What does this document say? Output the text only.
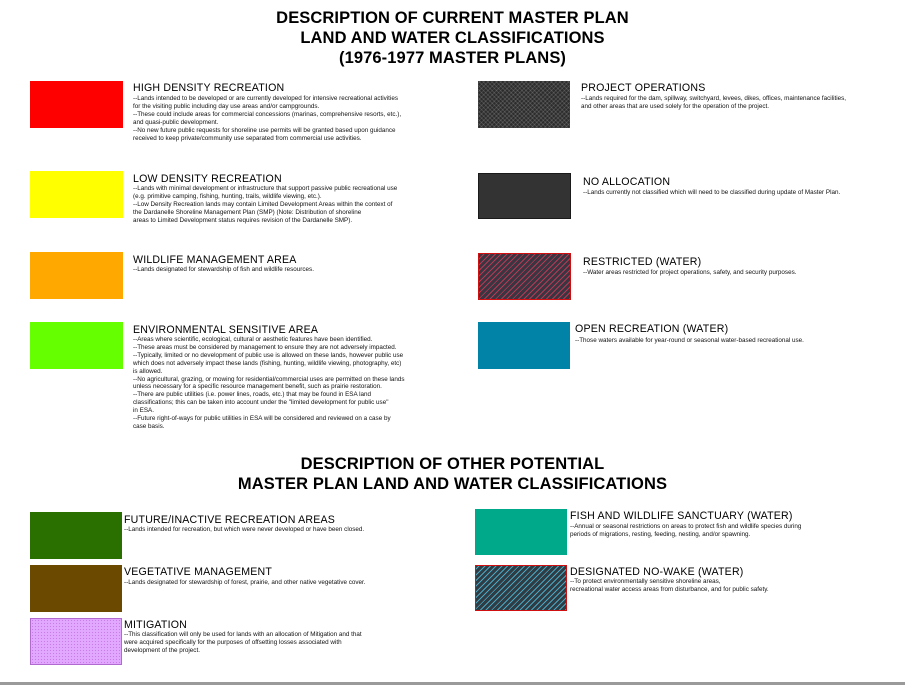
DESCRIPTION OF CURRENT MASTER PLAN
LAND AND WATER CLASSIFICATIONS
(1976-1977 MASTER PLANS)
DESCRIPTION OF OTHER POTENTIAL
MASTER PLAN LAND AND WATER CLASSIFICATIONS
HIGH DENSITY RECREATION
--Lands intended to be developed or are currently developed for intensive recreational activities
for the visiting public including day use areas and/or campgrounds.
--These could include areas for commercial concessions (marinas, comprehensive resorts, etc.),
and quasi-public development.
--No new future public requests for shoreline use permits will be granted based upon guidance
received to keep private/community use separated from commercial use activities.
LOW DENSITY RECREATION
--Lands with minimal development or infrastructure that support passive public recreational use
(e.g. primitive camping, fishing, hunting, trails, wildlife viewing, etc.).
--Low Density Recreation lands may contain Limited Development Areas within the context of
the Dardanelle Shoreline Management Plan (SMP) (Note: Distribution of shoreline
areas to Limited Development status requires revision of the Dardanelle SMP).
WILDLIFE MANAGEMENT AREA
--Lands designated for stewardship of fish and wildlife resources.
ENVIRONMENTAL SENSITIVE AREA
--Areas where scientific, ecological, cultural or aesthetic features have been identified.
--These areas must be considered by management to ensure they are not adversely impacted.
--Typically, limited or no development of public use is allowed on these lands, however public use
which does not adversely impact these lands (fishing, hunting, wildlife viewing, photography, etc)
is allowed.
--No agricultural, grazing, or mowing for residential/commercial uses are permitted on these lands
unless necessary for a specific resource management benefit, such as prairie restoration.
--There are public utilities (i.e. power lines, roads, etc.) that may be found in ESA land
classifications; this can be taken into account under the "limited development for public use"
in ESA.
--Future right-of-ways for public utilities in ESA will be considered and reviewed on a case by
case basis.
PROJECT OPERATIONS
--Lands required for the dam, spillway, switchyard, levees, dikes, offices, maintenance facilities,
and other areas that are used solely for the operation of the project.
NO ALLOCATION
--Lands currently not classified which will need to be classified during update of Master Plan.
RESTRICTED (WATER)
--Water areas restricted for project operations, safety, and security purposes.
OPEN RECREATION (WATER)
--Those waters available for year-round or seasonal water-based recreational use.
FUTURE/INACTIVE RECREATION AREAS
--Lands intended for recreation, but which were never developed or have been closed.
VEGETATIVE MANAGEMENT
--Lands designated for stewardship of forest, prairie, and other native vegetative cover.
MITIGATION
--This classification will only be used for lands with an allocation of Mitigation and that
were acquired specifically for the purposes of offsetting losses associated with
development of the project.
FISH AND WILDLIFE SANCTUARY (WATER)
--Annual or seasonal restrictions on areas to protect fish and wildlife species during
periods of migrations, resting, feeding, nesting, and/or spawning.
DESIGNATED NO-WAKE (WATER)
--To protect environmentally sensitive shoreline areas,
recreational water access areas from disturbance, and for public safety.
